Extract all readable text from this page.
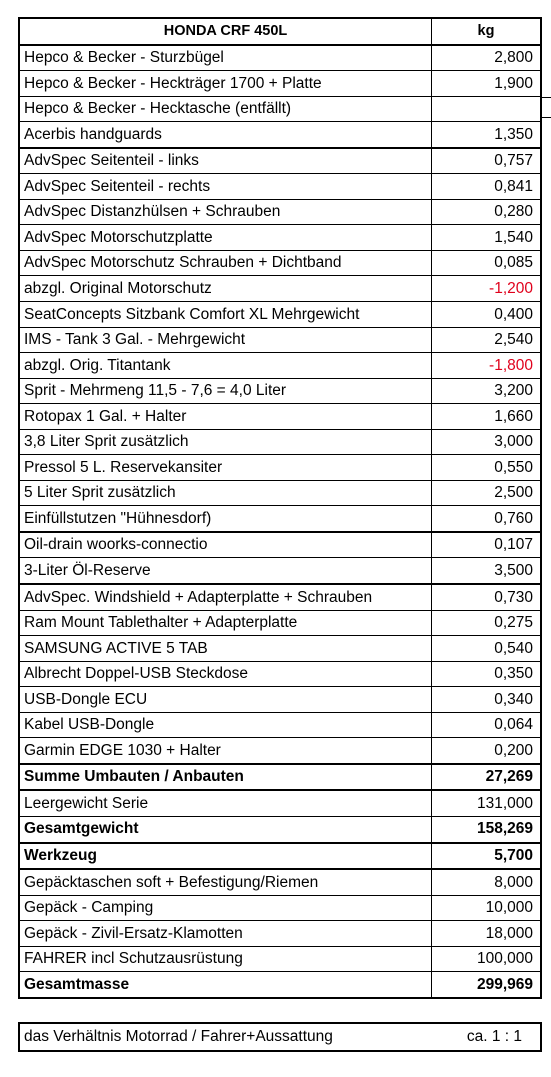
HONDA CRF 450L	kg
Hepco & Becker - Sturzbügel	2,800
Hepco & Becker - Heckträger 1700 + Platte	1,900
Hepco & Becker - Hecktasche (entfällt)	
Acerbis handguards	1,350
AdvSpec Seitenteil - links	0,757
AdvSpec Seitenteil - rechts	0,841
AdvSpec Distanzhülsen + Schrauben	0,280
AdvSpec Motorschutzplatte	1,540
AdvSpec Motorschutz Schrauben + Dichtband	0,085
abzgl. Original Motorschutz	-1,200
SeatConcepts Sitzbank Comfort XL Mehrgewicht	0,400
IMS - Tank 3 Gal. - Mehrgewicht	2,540
abzgl. Orig. Titantank	-1,800
Sprit - Mehrmeng 11,5 - 7,6 = 4,0 Liter	3,200
Rotopax 1 Gal. + Halter	1,660
3,8 Liter Sprit zusätzlich	3,000
Pressol 5 L. Reservekansiter	0,550
5 Liter Sprit zusätzlich	2,500
Einfüllstutzen "Hühnesdorf)	0,760
Oil-drain woorks-connectio	0,107
3-Liter Öl-Reserve	3,500
AdvSpec. Windshield + Adapterplatte + Schrauben	0,730
Ram Mount Tablethalter + Adapterplatte	0,275
SAMSUNG ACTIVE 5 TAB	0,540
Albrecht Doppel-USB Steckdose	0,350
USB-Dongle ECU	0,340
Kabel USB-Dongle	0,064
Garmin EDGE 1030 + Halter	0,200
Summe Umbauten / Anbauten	27,269
Leergewicht Serie	131,000
Gesamtgewicht	158,269
Werkzeug	5,700
Gepäcktaschen soft + Befestigung/Riemen	8,000
Gepäck - Camping	10,000
Gepäck - Zivil-Ersatz-Klamotten	18,000
FAHRER incl Schutzausrüstung	100,000
Gesamtmasse	299,969
das Verhältnis Motorrad / Fahrer+Aussattung	ca. 1 : 1
